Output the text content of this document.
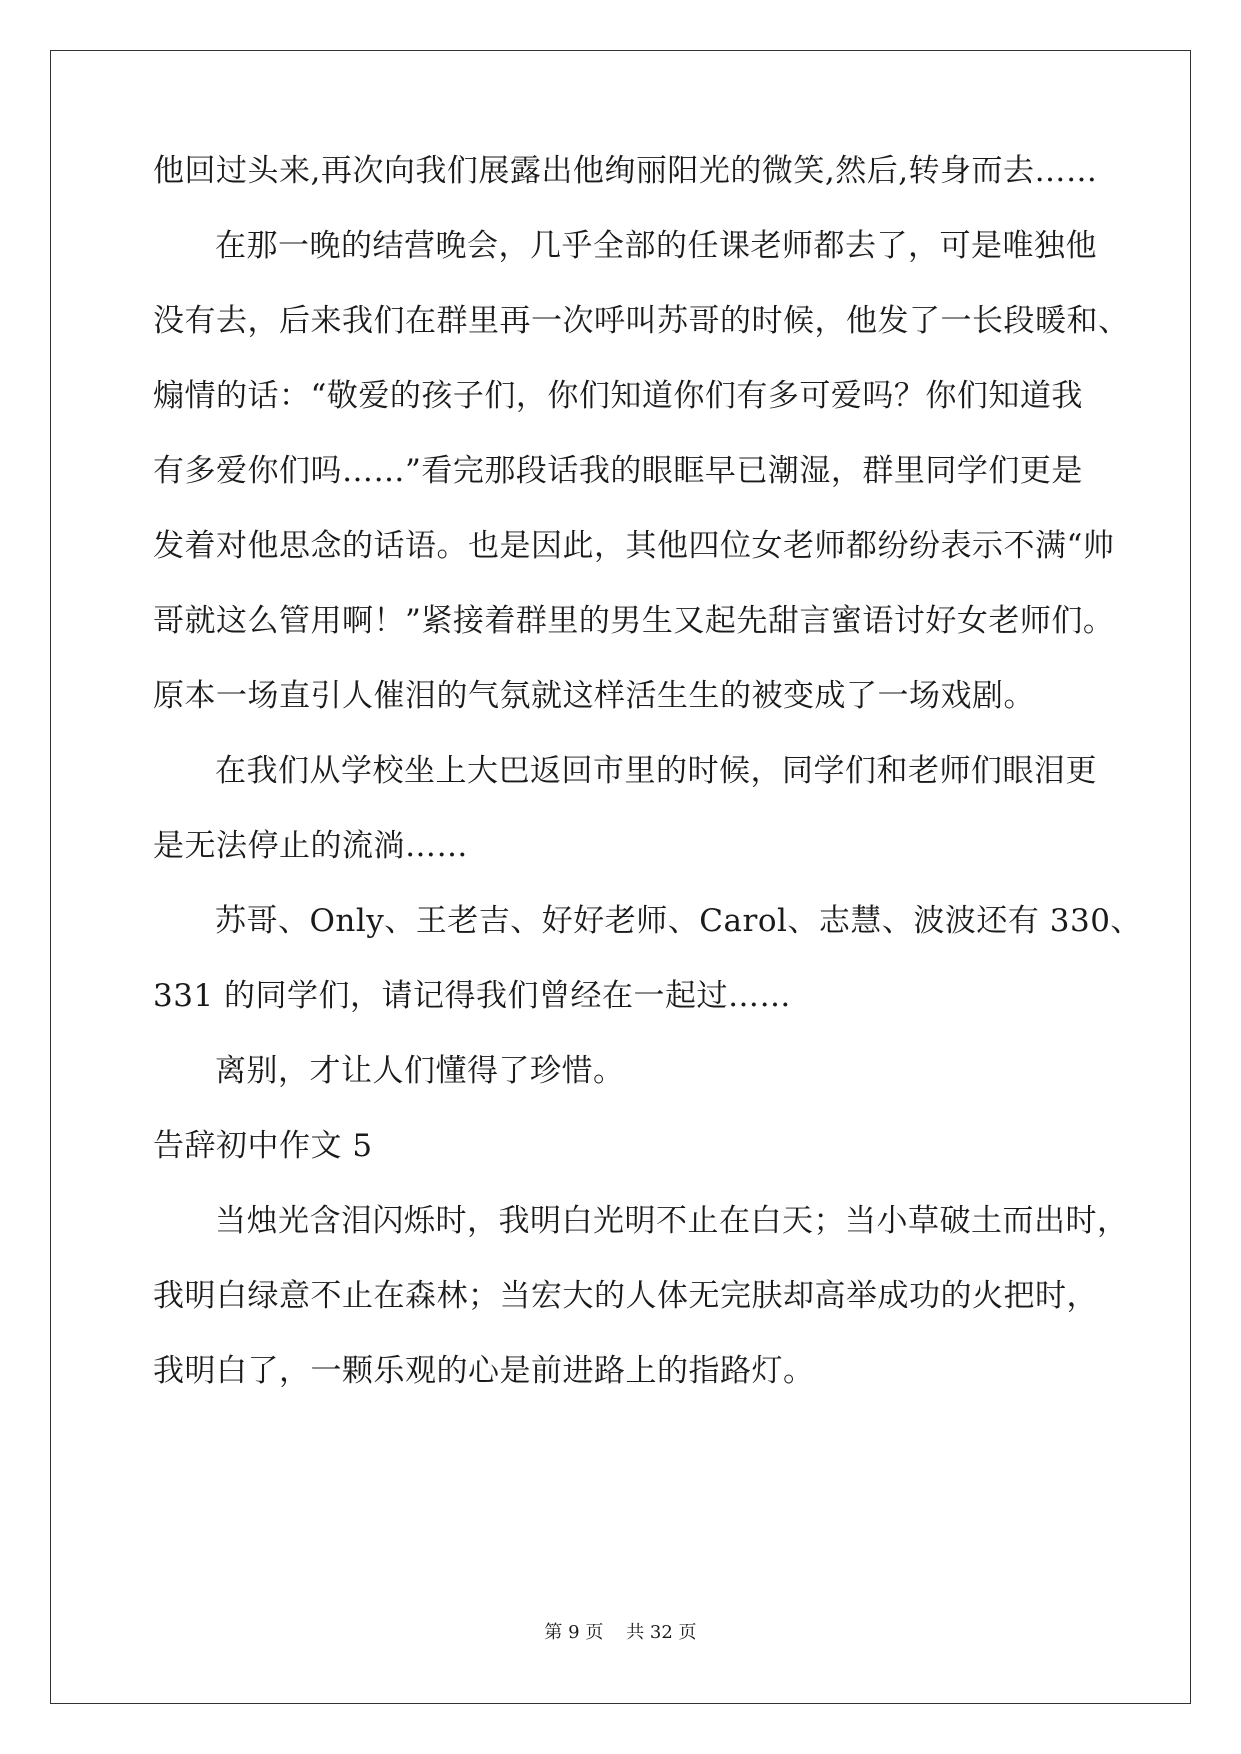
他回过头来,再次向我们展露出他绚丽阳光的微笑,然后,转身而去……
在那一晚的结营晚会，几乎全部的任课老师都去了，可是唯独他
没有去，后来我们在群里再一次呼叫苏哥的时候，他发了一长段暖和、
煽情的话：“敬爱的孩子们，你们知道你们有多可爱吗？你们知道我
有多爱你们吗……”看完那段话我的眼眶早已潮湿，群里同学们更是
发着对他思念的话语。也是因此，其他四位女老师都纷纷表示不满“帅
哥就这么管用啊！”紧接着群里的男生又起先甜言蜜语讨好女老师们。
原本一场直引人催泪的气氛就这样活生生的被变成了一场戏剧。
在我们从学校坐上大巴返回市里的时候，同学们和老师们眼泪更
是无法停止的流淌……
苏哥、Only、王老吉、好好老师、Carol、志慧、波波还有 330、
331 的同学们，请记得我们曾经在一起过……
离别，才让人们懂得了珍惜。
告辞初中作文 5
当烛光含泪闪烁时，我明白光明不止在白天；当小草破土而出时，
我明白绿意不止在森林；当宏大的人体无完肤却高举成功的火把时，
我明白了，一颗乐观的心是前进路上的指路灯。
第 9 页    共 32 页
